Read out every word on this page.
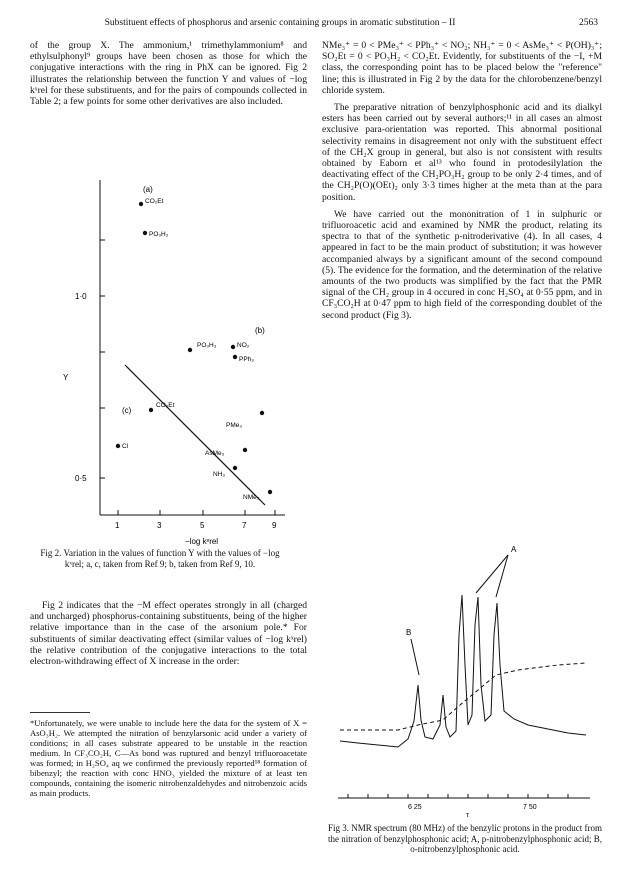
Substituent effects of phosphorus and arsenic containing groups in aromatic substitution – II	2563

of the group X. The ammonium,¹ trimethylammonium⁸ and ethylsulphonyl⁹ groups have been chosen as those for which the conjugative interactions with the ring in PhX can be ignored. Fig 2 illustrates the relationship between the function Y and values of −log kˣrel for these substituents, and for the pairs of compounds collected in Table 2; a few points for some other derivatives are also included.

1·0
0·5
Y
1	3	5	7	9
−log kˣrel
(a)
(b)
(c)
CO₂Et
PO₃H₂
PO₃H₃	NO₂
PPh₃
CO₂Et
PMe₃
Cl
AsMe₃
NH₃
NMe₃
Fig 2. Variation in the values of function Y with the values of −log kˣrel; a, c, taken from Ref 9; b, taken from Ref 9, 10.

Fig 2 indicates that the −M effect operates strongly in all (charged and uncharged) phosphorus-containing substituents, being of the higher relative importance than in the case of the arsonium pole.* For substituents of similar deactivating effect (similar values of −log kˣrel) the relative contribution of the conjugative interactions to the total electron-withdrawing effect of X increase in the order:

*Unfortunately, we were unable to include here the data for the system of X = AsO₃H₂. We attempted the nitration of benzylarsonic acid under a variety of conditions; in all cases substrate appeared to be unstable in the reaction medium. In CF₃CO₂H, C—As bond was ruptured and benzyl trifluoroacetate was formed; in H₂SO₄ aq we confirmed the previously reported¹⁸ formation of bibenzyl; the reaction with conc HNO₃ yielded the mixture of at least ten compounds, containing the isomeric nitrobenzaldehydes and nitrobenzoic acids as main products.

NMe₃⁺ = 0 < PMe₃⁺ < PPh₃⁺ < NO₂; NH₃⁺ = 0 < AsMe₃⁺ < P(OH)₃⁺; SO₂Et = 0 < PO₃H₂ < CO₂Et. Evidently, for substituents of the −I, +M class, the corresponding point has to be placed below the "reference" line; this is illustrated in Fig 2 by the data for the chlorobenzene/benzyl chloride system.

The preparative nitration of benzylphosphonic acid and its dialkyl esters has been carried out by several authors;¹¹ in all cases an almost exclusive para-orientation was reported. This abnormal positional selectivity remains in disagreement not only with the substituent effect of the CH₂X group in general, but also is not consistent with results obtained by Eaborn et al¹³ who found in protodesilylation the deactivating effect of the CH₂PO₃H₂ group to be only 2·4 times, and of the CH₂P(O)(OEt)₂ only 3·3 times higher at the meta than at the para position.

We have carried out the mononitration of 1 in sulphuric or trifluoroacetic acid and examined by NMR the product, relating its spectra to that of the synthetic p-nitroderivative (4). In all cases, 4 appeared in fact to be the main product of substitution; it was however accompanied always by a significant amount of the second compound (5). The evidence for the formation, and the determination of the relative amounts of the two products was simplified by the fact that the PMR signal of the CH₂ group in 4 occured in conc H₂SO₄ at 0·55 ppm, and in CF₃CO₂H at 0·47 ppm to high field of the corresponding doublet of the second product (Fig 3).

6 25	7 50
τ
A
B
Fig 3. NMR spectrum (80 MHz) of the benzylic protons in the product from the nitration of benzylphosphonic acid; A, p-nitrobenzylphosphonic acid; B, o-nitrobenzylphosphonic acid.
